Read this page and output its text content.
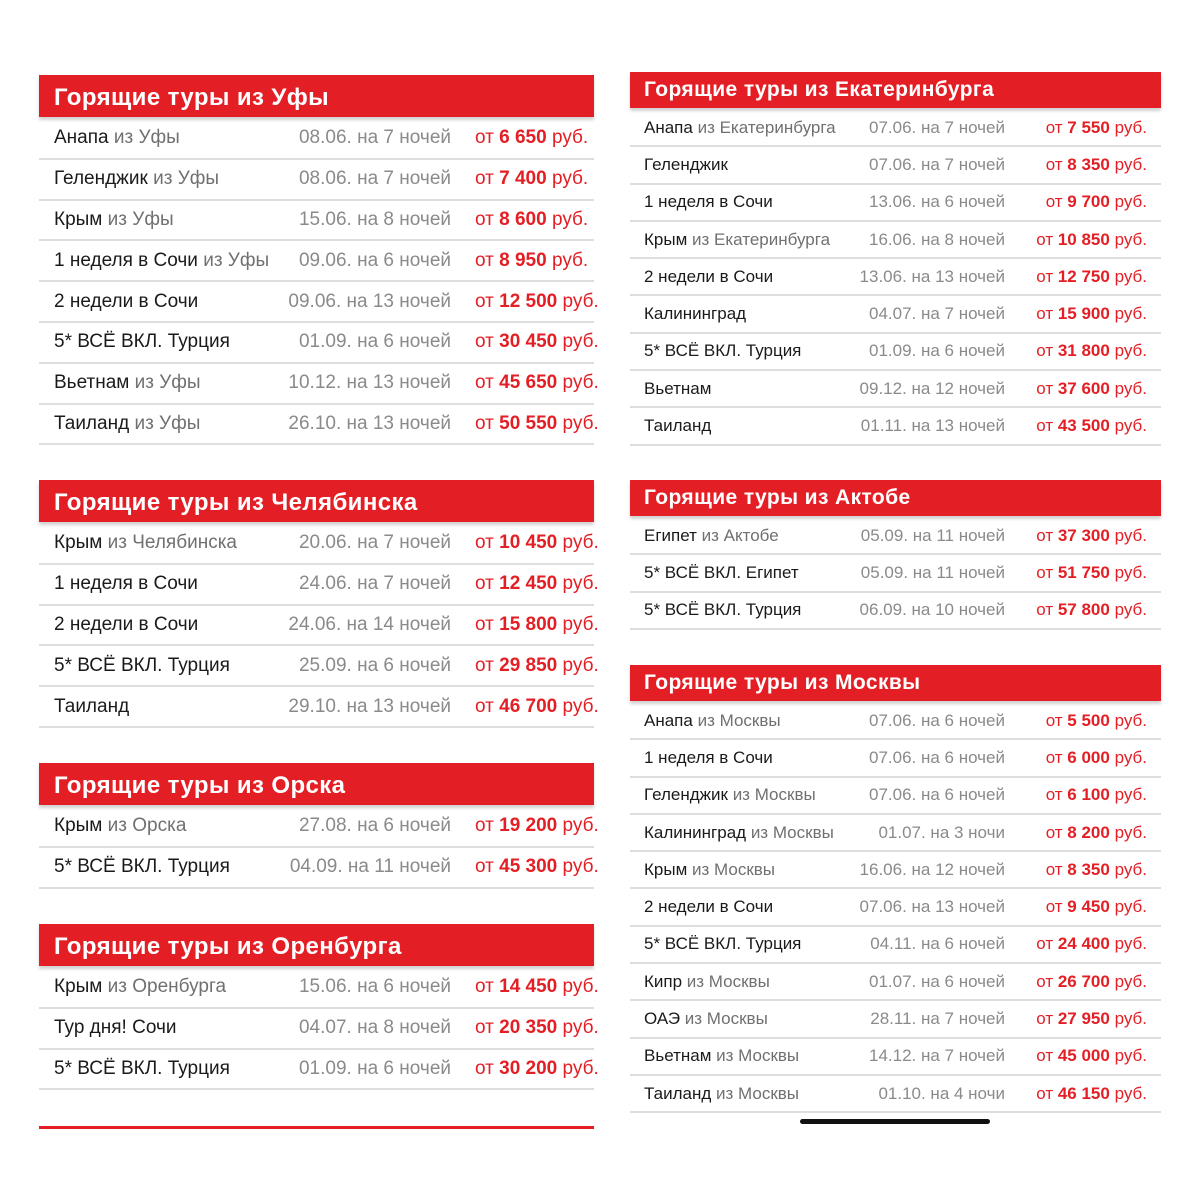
Горящие туры из Уфы
Анапа из Уфы	08.06. на 7 ночей от 6 650 руб.
Геленджик из Уфы	08.06. на 7 ночей от 7 400 руб.
Крым из Уфы	15.06. на 8 ночей от 8 600 руб.
1 неделя в Сочи из Уфы 09.06. на 6 ночей от 8 950 руб.
2 недели в Сочи	09.06. на 13 ночей от 12 500 руб.
5* ВСЁ ВКЛ. Турция	01.09. на 6 ночей от 30 450 руб.
Вьетнам из Уфы	10.12. на 13 ночей от 45 650 руб.
Таиланд из Уфы	26.10. на 13 ночей от 50 550 руб.
Горящие туры из Челябинска
Крым из Челябинска	20.06. на 7 ночей от 10 450 руб.
1 неделя в Сочи	24.06. на 7 ночей от 12 450 руб.
2 недели в Сочи	24.06. на 14 ночей от 15 800 руб.
5* ВСЁ ВКЛ. Турция	25.09. на 6 ночей от 29 850 руб.
Таиланд	29.10. на 13 ночей от 46 700 руб.
Горящие туры из Орска
Крым из Орска	27.08. на 6 ночей от 19 200 руб.
5* ВСЁ ВКЛ. Турция	04.09. на 11 ночей от 45 300 руб.
Горящие туры из Оренбурга
Крым из Оренбурга	15.06. на 6 ночей от 14 450 руб.
Тур дня! Сочи	04.07. на 8 ночей от 20 350 руб.
5* ВСЁ ВКЛ. Турция	01.09. на 6 ночей от 30 200 руб.
Горящие туры из Екатеринбурга
Анапа из Екатеринбурга 07.06. на 7 ночей от 7 550 руб.
Геленджик	07.06. на 7 ночей от 8 350 руб.
1 неделя в Сочи	13.06. на 6 ночей от 9 700 руб.
Крым из Екатеринбурга 16.06. на 8 ночей от 10 850 руб.
2 недели в Сочи	13.06. на 13 ночей от 12 750 руб.
Калининград	04.07. на 7 ночей от 15 900 руб.
5* ВСЁ ВКЛ. Турция	01.09. на 6 ночей от 31 800 руб.
Вьетнам	09.12. на 12 ночей от 37 600 руб.
Таиланд	01.11. на 13 ночей от 43 500 руб.
Горящие туры из Актобе
Египет из Актобе	05.09. на 11 ночей от 37 300 руб.
5* ВСЁ ВКЛ. Египет	05.09. на 11 ночей от 51 750 руб.
5* ВСЁ ВКЛ. Турция	06.09. на 10 ночей от 57 800 руб.
Горящие туры из Москвы
Анапа из Москвы	07.06. на 6 ночей от 5 500 руб.
1 неделя в Сочи	07.06. на 6 ночей от 6 000 руб.
Геленджик из Москвы	07.06. на 6 ночей от 6 100 руб.
Калининград из Москвы	01.07. на 3 ночи от 8 200 руб.
Крым из Москвы	16.06. на 12 ночей от 8 350 руб.
2 недели в Сочи	07.06. на 13 ночей от 9 450 руб.
5* ВСЁ ВКЛ. Турция	04.11. на 6 ночей от 24 400 руб.
Кипр из Москвы	01.07. на 6 ночей от 26 700 руб.
ОАЭ из Москвы	28.11. на 7 ночей от 27 950 руб.
Вьетнам из Москвы	14.12. на 7 ночей от 45 000 руб.
Таиланд из Москвы	01.10. на 4 ночи от 46 150 руб.
